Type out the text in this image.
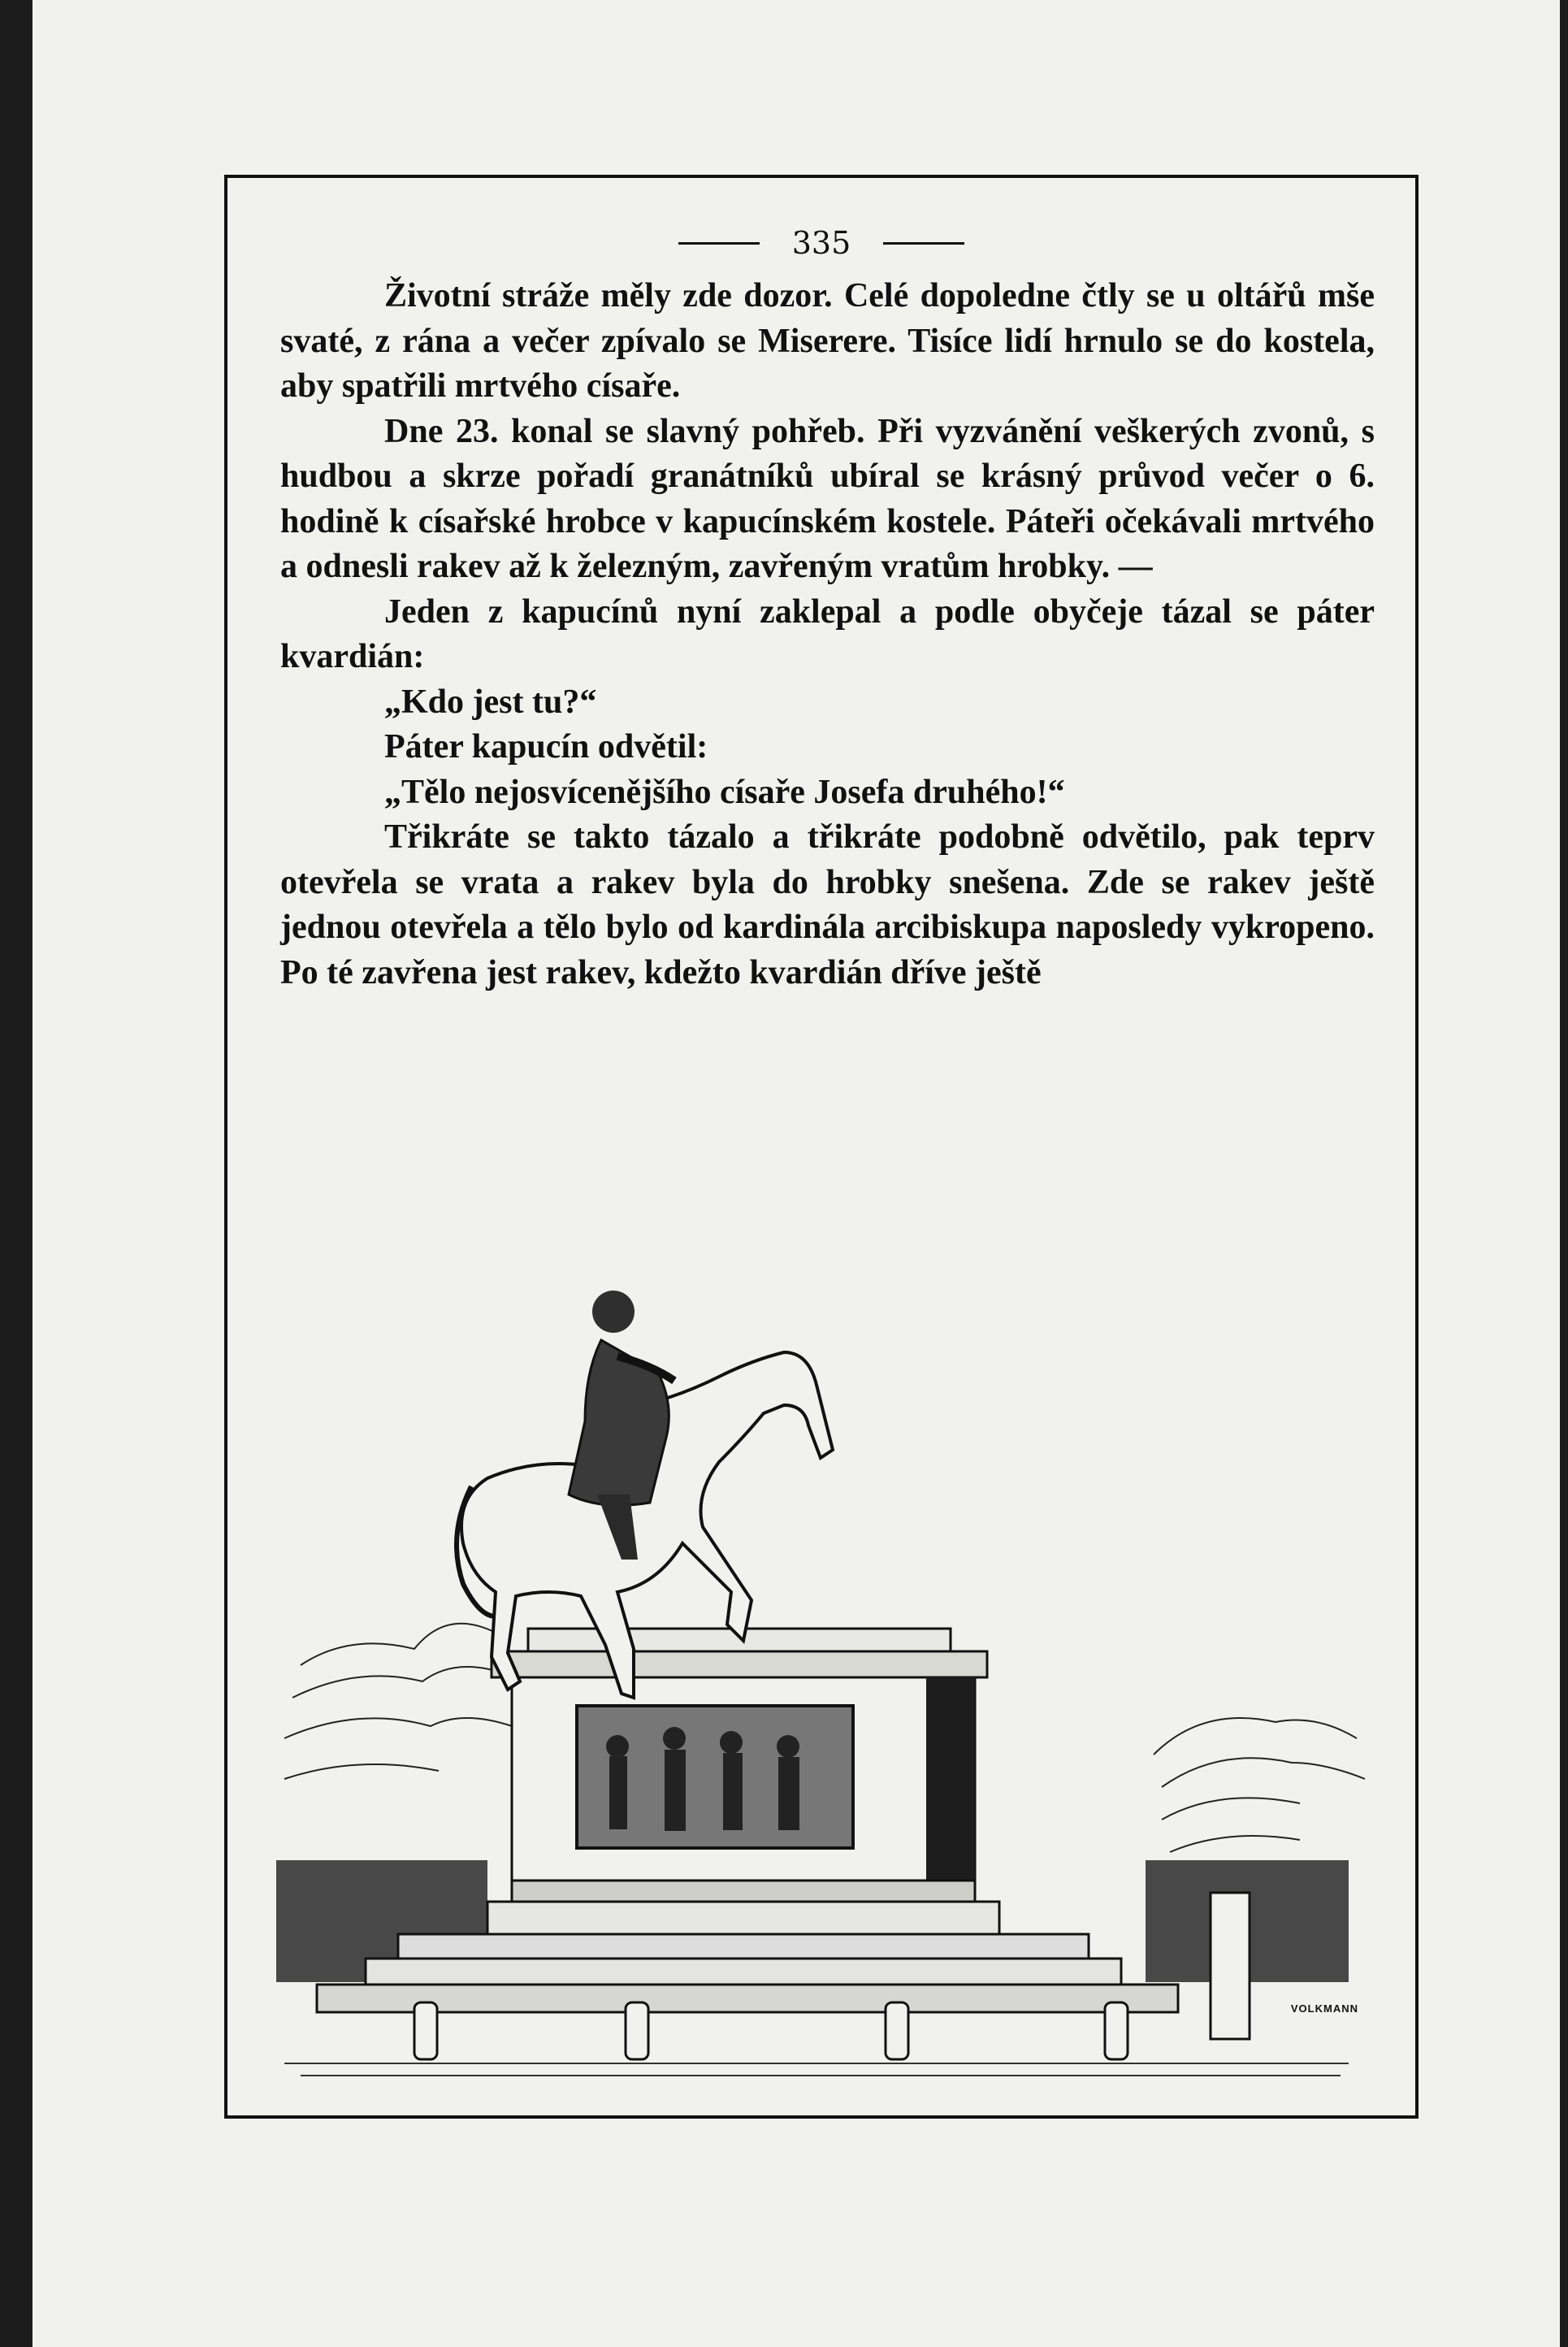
335

Životní stráže měly zde dozor. Celé dopoledne čtly se u oltářů mše svaté, z rána a večer zpívalo se Miserere. Tisíce lidí hrnulo se do kostela, aby spatřili mrtvého císaře.

Dne 23. konal se slavný pohřeb. Při vyzvánění veškerých zvonů, s hudbou a skrze pořadí granátníků ubíral se krásný průvod večer o 6. hodině k císařské hrobce v kapucínském kostele. Páteři očekávali mrtvého a odnesli rakev až k železným, zavřeným vratům hrobky. —

Jeden z kapucínů nyní zaklepal a podle obyčeje tázal se páter kvardián:

„Kdo jest tu?“

Páter kapucín odvětil:

„Tělo nejosvícenějšího císaře Josefa druhého!“

Třikráte se takto tázalo a třikráte podobně odvětilo, pak teprv otevřela se vrata a rakev byla do hrobky snešena. Zde se rakev ještě jednou otevřela a tělo bylo od kardinála arcibiskupa naposledy vykropeno. Po té zavřena jest rakev, kdežto kvardián dříve ještě

VOLKMANN
